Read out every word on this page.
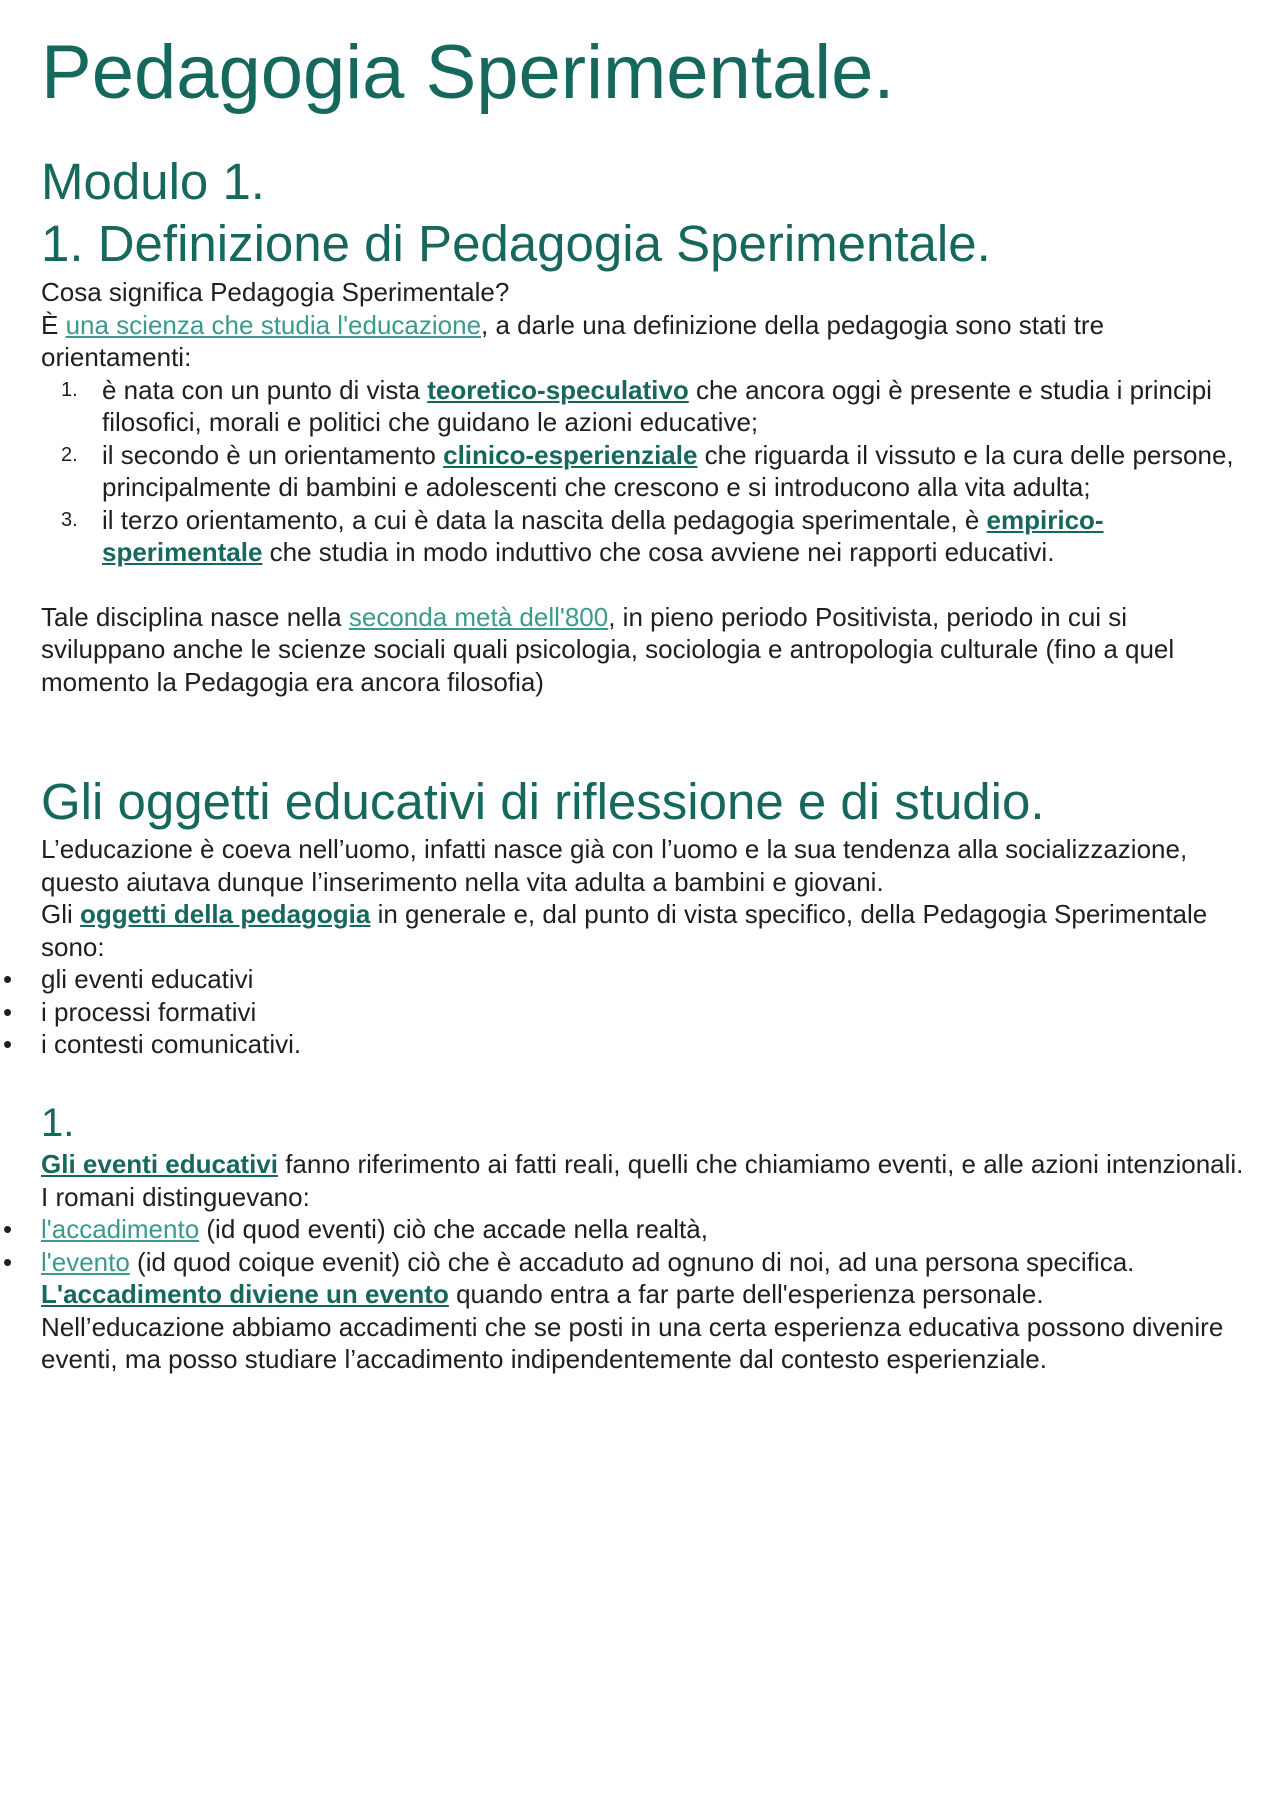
Pedagogia Sperimentale.
Modulo 1.
1. Definizione di Pedagogia Sperimentale.

Cosa significa Pedagogia Sperimentale?

È una scienza che studia l'educazione, a darle una definizione della pedagogia sono stati tre orientamenti:

1. è nata con un punto di vista teoretico-speculativo che ancora oggi è presente e studia i principi filosofici, morali e politici che guidano le azioni educative;
2. il secondo è un orientamento clinico-esperienziale che riguarda il vissuto e la cura delle persone, principalmente di bambini e adolescenti che crescono e si introducono alla vita adulta;
3. il terzo orientamento, a cui è data la nascita della pedagogia sperimentale, è empirico-sperimentale che studia in modo induttivo che cosa avviene nei rapporti educativi.

Tale disciplina nasce nella seconda metà dell'800, in pieno periodo Positivista, periodo in cui si sviluppano anche le scienze sociali quali psicologia, sociologia e antropologia culturale (fino a quel momento la Pedagogia era ancora filosofia)

Gli oggetti educativi di riflessione e di studio.

L’educazione è coeva nell’uomo, infatti nasce già con l’uomo e la sua tendenza alla socializzazione, questo aiutava dunque l’inserimento nella vita adulta a bambini e giovani.

Gli oggetti della pedagogia in generale e, dal punto di vista specifico, della Pedagogia Sperimentale sono:

• gli eventi educativi
• i processi formativi
• i contesti comunicativi.
1.

Gli eventi educativi fanno riferimento ai fatti reali, quelli che chiamiamo eventi, e alle azioni intenzionali.

I romani distinguevano:

• l'accadimento (id quod eventi) ciò che accade nella realtà,
• l'evento (id quod coique evenit) ciò che è accaduto ad ognuno di noi, ad una persona specifica.

L'accadimento diviene un evento quando entra a far parte dell'esperienza personale.

Nell’educazione abbiamo accadimenti che se posti in una certa esperienza educativa possono divenire eventi, ma posso studiare l’accadimento indipendentemente dal contesto esperienziale.
